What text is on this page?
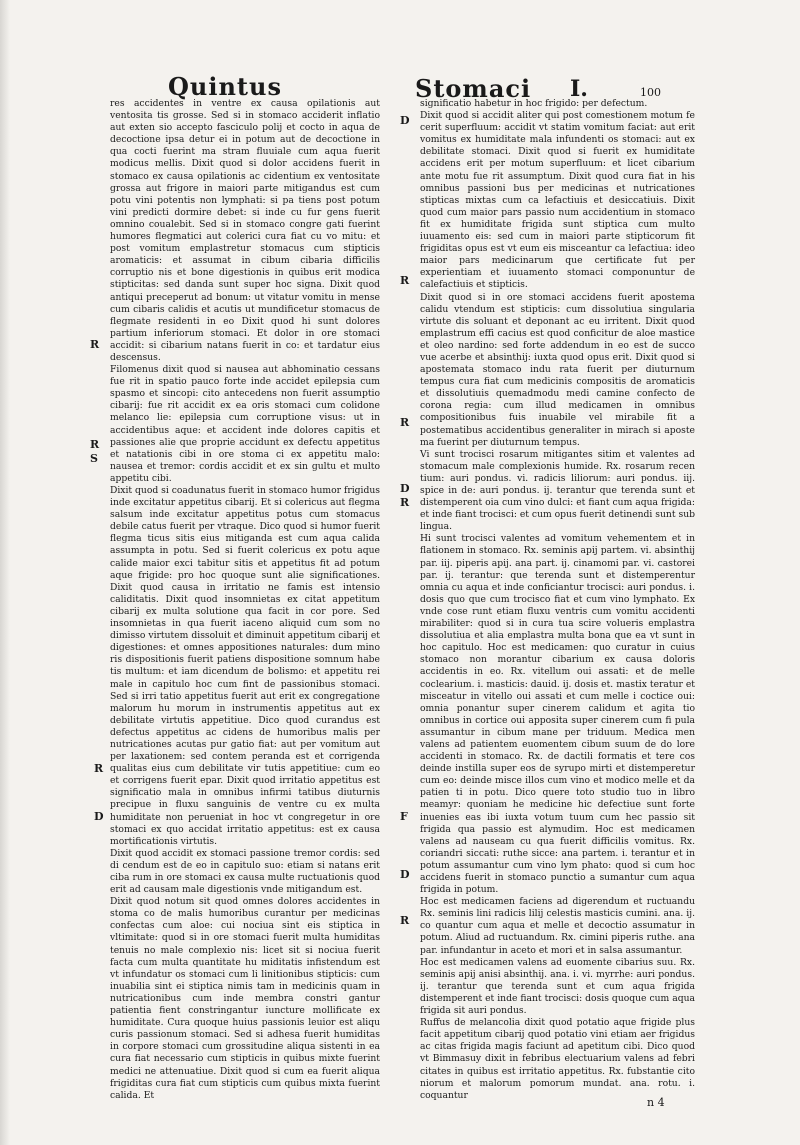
Quintus	Stomaci I.	100

res accidentes in ventre ex causa opilationis aut ventosita tis grosse. Sed si in stomaco acciderit inflatio aut exten sio accepto fasciculo polij et cocto in aqua de decoctione ipsa detur ei in potum aut de decoctione in qua cocti fuerint ma stram fluuiale cum aqua fuerit modicus mellis. Dixit quod si dolor accidens fuerit in stomaco ex causa opilationis ac cidentium ex ventositate grossa aut frigore in maiori parte mitigandus est cum potu vini potentis non lymphati: si pa tiens post potum vini predicti dormire debet: si inde cu fur gens fuerit omnino coualebit. Sed si in stomaco congre gati fuerint humores flegmatici aut colerici cura fiat cu vo mitu: et post vomitum emplastretur stomacus cum stipticis aromaticis: et assumat in cibum cibaria difficilis corruptio nis et bone digestionis in quibus erit modica stipticitas: sed danda sunt super hoc signa. Dixit quod antiqui preceperut ad bonum: ut vitatur vomitu in mense cum cibaris calidis et acutis ut mundificetur stomacus de flegmate residenti in eo Dixit quod hi sunt dolores partium inferiorum stomaci. Et dolor in ore stomaci accidit: si cibarium natans fuerit in co: et tardatur eius descensus.

Filomenus dixit quod si nausea aut abhominatio cessans fue rit in spatio pauco forte inde accidet epilepsia cum spasmo et sincopi: cito antecedens non fuerit assumptio cibarij: fue rit accidit ex ea oris stomaci cum colidone melanco lie: epilepsia cum corruptione visus: ut in accidentibus aque: et accident inde dolores capitis et passiones alie que proprie accidunt ex defectu appetitus et natationis cibi in ore stoma ci ex appetitu malo: nausea et tremor: cordis accidit et ex sin gultu et multo appetitu cibi.

Dixit quod si coadunatus fuerit in stomaco humor frigidus inde excitatur appetitus cibarij. Et si colericus aut flegma salsum inde excitatur appetitus potus cum stomacus debile catus fuerit per vtraque. Dico quod si humor fuerit flegma ticus sitis eius mitiganda est cum aqua calida assumpta in potu. Sed si fuerit colericus ex potu aque calide maior exci tabitur sitis et appetitus fit ad potum aque frigide: pro hoc quoque sunt alie significationes. Dixit quod causa in irritatio ne famis est intensio caliditatis. Dixit quod insomnietas ex citat appetitum cibarij ex multa solutione qua facit in cor pore. Sed insomnietas in qua fuerit iaceno aliquid cum som no dimisso virtutem dissoluit et diminuit appetitum cibarij et digestiones: et omnes appositiones naturales: dum mino ris dispositionis fuerit patiens dispositione somnum habe tis multum: et iam dicendum de bolismo: et appetitu rei male in capitulo hoc cum fint de passionibus stomaci. Sed si irri tatio appetitus fuerit aut erit ex congregatione malorum hu morum in instrumentis appetitus aut ex debilitate virtutis appetitiue. Dico quod curandus est defectus appetitus ac cidens de humoribus malis per nutricationes acutas pur gatio fiat: aut per vomitum aut per laxationem: sed contem peranda est et corrigenda qualitas eius cum debilitate vir tutis appetitiue: cum eo et corrigens fuerit epar. Dixit quod irritatio appetitus est significatio mala in omnibus infirmi tatibus diuturnis precipue in fluxu sanguinis de ventre cu ex multa humiditate non perueniat in hoc vt congregetur in ore stomaci ex quo accidat irritatio appetitus: est ex causa mortificationis virtutis.

Dixit quod accidit ex stomaci passione tremor cordis: sed di cendum est de eo in capitulo suo: etiam si natans erit ciba rum in ore stomaci ex causa multe ructuationis quod erit ad causam male digestionis vnde mitigandum est.

Dixit quod notum sit quod omnes dolores accidentes in stoma co de malis humoribus curantur per medicinas confectas cum aloe: cui nociua sint eis stiptica in vltimitate: quod si in ore stomaci fuerit multa humiditas tenuis no male complexio nis: licet sit si nociua fuerit facta cum multa quantitate hu miditatis infistendum est vt infundatur os stomaci cum li linitionibus stipticis: cum inuabilia sint ei stiptica nimis tam in medicinis quam in nutricationibus cum inde membra constri gantur patientia fient constringantur iuncture mollificate ex humiditate. Cura quoque huius passionis leuior est aliqu curis passionum stomaci. Sed si adhesa fuerit humiditas in corpore stomaci cum grossitudine aliqua sistenti in ea cura fiat necessario cum stipticis in quibus mixte fuerint medici ne attenuatiue. Dixit quod si cum ea fuerit aliqua frigiditas cura fiat cum stipticis cum quibus mixta fuerint calida. Et

significatio habetur in hoc frigido: per defectum.

Dixit quod si accidit aliter qui post comestionem motum fe cerit superfluum: accidit vt statim vomitum faciat: aut erit vomitus ex humiditate mala infundenti os stomaci: aut ex debilitate stomaci. Dixit quod si fuerit ex humiditate accidens erit per motum superfluum: et licet cibarium ante motu fue rit assumptum. Dixit quod cura fiat in his omnibus passioni bus per medicinas et nutricationes stipticas mixtas cum ca lefactiuis et desiccatiuis. Dixit quod cum maior pars passio num accidentium in stomaco fit ex humiditate frigida sunt stiptica cum multo iuuamento eis: sed cum in maiori parte stipticorum fit frigiditas opus est vt eum eis misceantur ca lefactiua: ideo maior pars medicinarum que certificate fut per experientiam et iuuamento stomaci componuntur de calefactiuis et stipticis.

Dixit quod si in ore stomaci accidens fuerit apostema calidu vtendum est stipticis: cum dissolutiua singularia virtute dis soluant et deponant ac eu irritent. Dixit quod emplastrum effi cacius est quod conficitur de aloe mastice et oleo nardino: sed forte addendum in eo est de succo vue acerbe et absinthij: iuxta quod opus erit. Dixit quod si apostemata stomaco indu rata fuerit per diuturnum tempus cura fiat cum medicinis compositis de aromaticis et dissolutiuis quemadmodu medi camine confecto de corona regia: cum illud medicamen in omnibus compositionibus fuis inuabile vel mirabile fit a postematibus accidentibus generaliter in mirach si aposte ma fuerint per diuturnum tempus.

Vi sunt trocisci rosarum mitigantes sitim et valentes ad stomacum male complexionis humide. Rx. rosarum recen tium: auri pondus. vi. radicis liliorum: auri pondus. iij. spice in de: auri pondus. ij. terantur que terenda sunt et distemperent oia cum vino dulci: et fiant cum aqua frigida: et inde fiant trocisci: et cum opus fuerit detinendi sunt sub lingua.

Hi sunt trocisci valentes ad vomitum vehementem et in flationem in stomaco. Rx. seminis apij partem. vi. absinthij par. iij. piperis apij. ana part. ij. cinamomi par. vi. castorei par. ij. terantur: que terenda sunt et distemperentur omnia cu aqua et inde conficiantur trocisci: auri pondus. i. dosis quo que cum trocisco fiat et cum vino lymphato. Ex vnde cose runt etiam fluxu ventris cum vomitu accidenti mirabiliter: quod si in cura tua scire volueris emplastra dissolutiua et alia emplastra multa bona que ea vt sunt in hoc capitulo. Hoc est medicamen: quo curatur in cuius stomaco non morantur cibarium ex causa doloris accidentis in eo. Rx. vitellum oui assati: et de melle coclearium. i. masticis: dauid. ij. dosis et. mastix teratur et misceatur in vitello oui assati et cum melle i coctice oui: omnia ponantur super cinerem calidum et agita tio omnibus in cortice oui apposita super cinerem cum fi pula assumantur in cibum mane per triduum. Medica men valens ad patientem euomentem cibum suum de do lore accidenti in stomaco. Rx. de dactili formatis et tere cos deinde instilla super eos de syrupo mirti et distemperetur cum eo: deinde misce illos cum vino et modico melle et da patien ti in potu. Dico quere toto studio tuo in libro meamyr: quoniam he medicine hic defectiue sunt forte inuenies eas ibi iuxta votum tuum cum hec passio sit frigida qua passio est alymudim. Hoc est medicamen valens ad nauseam cu qua fuerit difficilis vomitus. Rx. coriandri siccati: ruthe sicce: ana partem. i. terantur et in potum assumantur cum vino lym phato: quod si cum hoc accidens fuerit in stomaco punctio a sumantur cum aqua frigida in potum.

Hoc est medicamen faciens ad digerendum et ructuandu Rx. seminis lini radicis lilij celestis masticis cumini. ana. ij. co quantur cum aqua et melle et decoctio assumatur in potum. Aliud ad ructuandum. Rx. cimini piperis ruthe. ana par. infundantur in aceto et mori et in salsa assumantur.

Hoc est medicamen valens ad euomente cibarius suu. Rx. seminis apij anisi absinthij. ana. i. vi. myrrhe: auri pondus. ij. terantur que terenda sunt et cum aqua frigida distemperent et inde fiant trocisci: dosis quoque cum aqua frigida sit auri pondus.

Ruffus de melancolia dixit quod potatio aque frigide plus facit appetitum cibarij quod potatio vini etiam aer frigidus ac citas frigida magis faciunt ad apetitum cibi. Dico quod vt Bimmasuy dixit in febribus electuarium valens ad febri citates in quibus est irritatio appetitus. Rx. fubstantie cito niorum et malorum pomorum mundat. ana. rotu. i. coquantur

R
R
S
R
D
D
R
R
D
R
F
D
R
n 4
